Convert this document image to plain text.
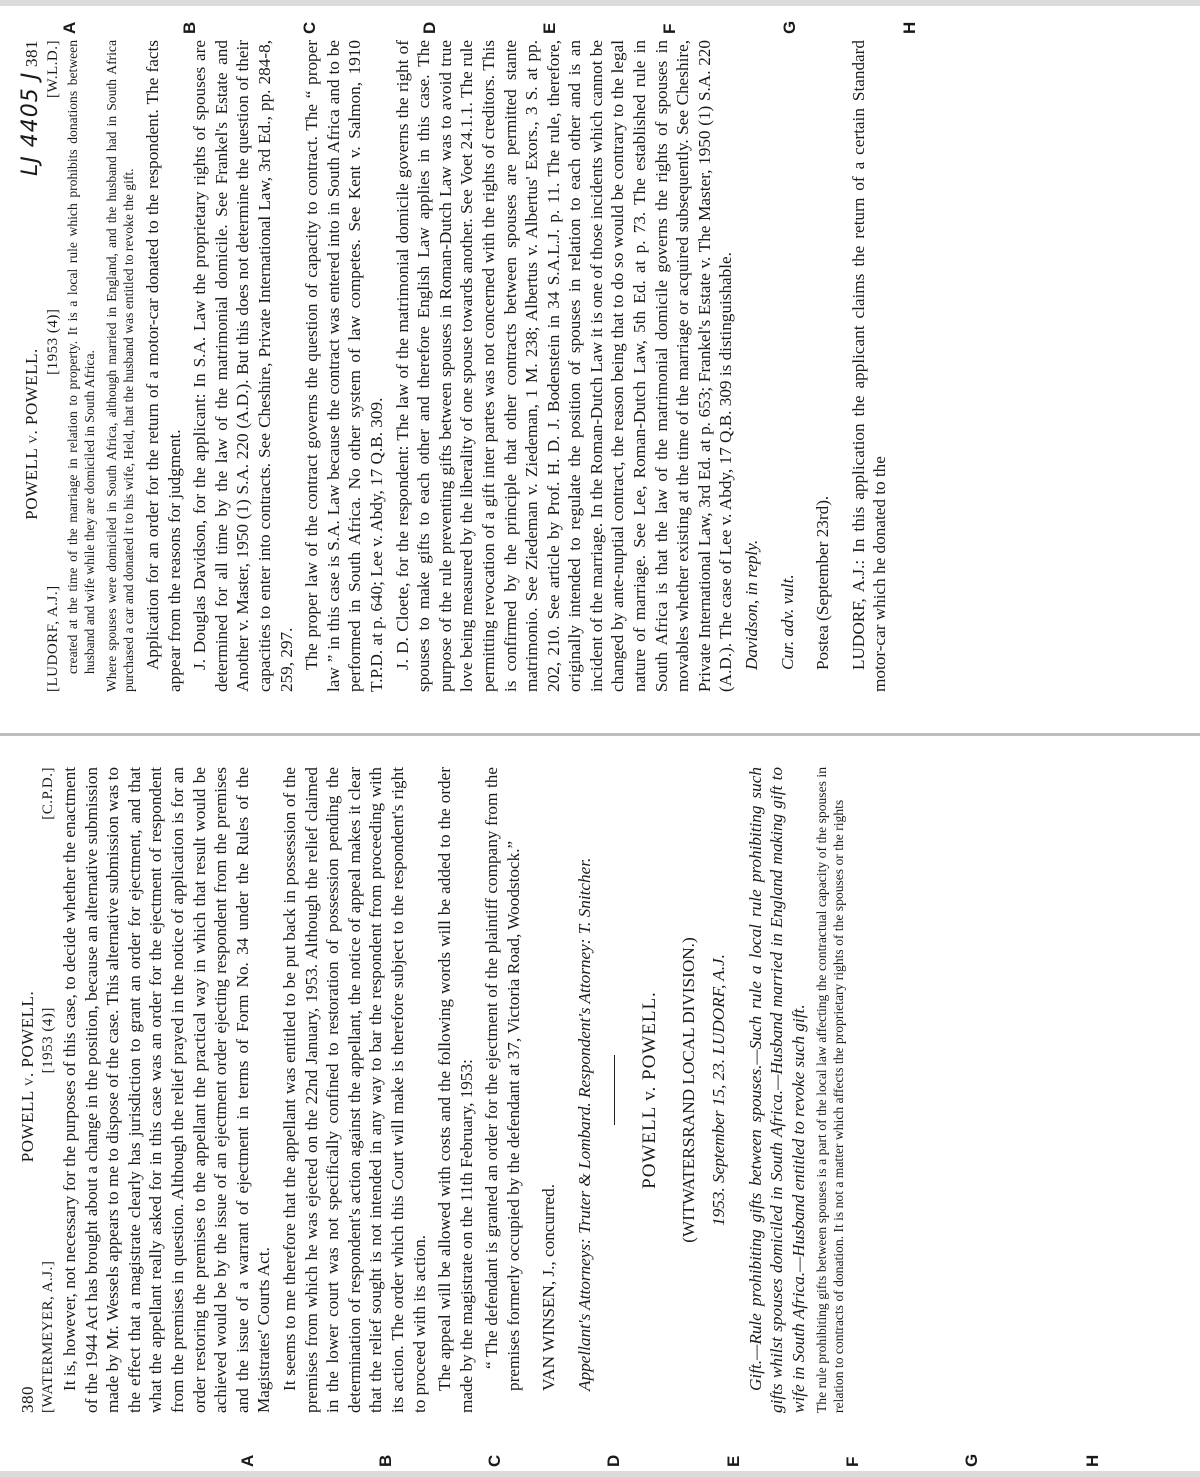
A	B	C	D	E	F	G	H
380
POWELL v. POWELL.
[WATERMEYER, A.J.]
[1953 (4)]
[C.P.D.] It is, however, not necessary for the purposes of this case, to decide whether the enactment of the 1944 Act has brought about a change in the position, because an alternative submission made by Mr. Wessels appears to me to dispose of the case. This alternative submission was to the effect that a magistrate clearly has jurisdiction to grant an order for ejectment, and that what the appellant really asked for in this case was an order for the ejectment of respondent from the premises in question. Although the relief prayed in the notice of application is for an order restoring the premises to the appellant the practical way in which that result would be achieved would be by the issue of an ejectment order ejecting respondent from the premises and the issue of a warrant of ejectment in terms of Form No. 34 under the Rules of the Magistrates' Courts Act. It seems to me therefore that the appellant was entitled to be put back in possession of the premises from which he was ejected on the 22nd January, 1953. Although the relief claimed in the lower court was not specifically confined to restoration of possession pending the determination of respondent's action against the appellant, the notice of appeal makes it clear that the relief sought is not intended in any way to bar the respondent from proceeding with its action. The order which this Court will make is therefore subject to the respondent's right to proceed with its action. The appeal will be allowed with costs and the following words will be added to the order made by the magistrate on the 11th February, 1953: “ The defendant is granted an order for the ejectment of the plaintiff company from the premises formerly occupied by the defendant at 37, Victoria Road, Woodstock.” VAN WINSEN, J., concurred. Appellant's Attorneys: Truter & Lombard. Respondent's Attorney: T. Snitcher. POWELL v. POWELL. (WITWATERSRAND LOCAL DIVISION.) 1953. September 15, 23. LUDORF, A.J. Gift.—Rule prohibiting gifts between spouses.—Such rule a local rule prohibiting such gifts whilst spouses domiciled in South Africa.—Husband married in England making gift to wife in South Africa.—Husband entitled to revoke such gift. The rule prohibiting gifts between spouses is a part of the local law affecting the contractual capacity of the spouses in relation to contracts of donation. It is not a matter which affects the proprietary rights of the spouses or the rights

A	B	C	D	E	F	G	H
POWELL v. POWELL.
LJ 4405 J 381
[LUDORF, A.J.]
[1953 (4)]
[W.L.D.] created at the time of the marriage in relation to property. It is a local rule which prohibits donations between husband and wife while they are domiciled in South Africa. Where spouses were domiciled in South Africa, although married in England, and the husband had in South Africa purchased a car and donated it to his wife, Held, that the husband was entitled to revoke the gift. Application for an order for the return of a motor-car donated to the respondent. The facts appear from the reasons for judgment. J. Douglas Davidson, for the applicant: In S.A. Law the proprietary rights of spouses are determined for all time by the law of the matrimonial domicile. See Frankel's Estate and Another v. Master, 1950 (1) S.A. 220 (A.D.). But this does not determine the question of their capacities to enter into contracts. See Cheshire, Private International Law, 3rd Ed., pp. 284-8, 259, 297. The proper law of the contract governs the question of capacity to contract. The “ proper law ” in this case is S.A. Law because the contract was entered into in South Africa and to be performed in South Africa. No other system of law competes. See Kent v. Salmon, 1910 T.P.D. at p. 640; Lee v. Abdy, 17 Q.B. 309. J. D. Cloete, for the respondent: The law of the matrimonial domicile governs the right of spouses to make gifts to each other and therefore English Law applies in this case. The purpose of the rule preventing gifts between spouses in Roman-Dutch Law was to avoid true love being measured by the liberality of one spouse towards another. See Voet 24.1.1. The rule permitting revocation of a gift inter partes was not concerned with the rights of creditors. This is confirmed by the principle that other contracts between spouses are permitted stante matrimonio. See Ziedeman v. Ziedeman, 1 M. 238; Albertus v. Albertus' Exors., 3 S. at pp. 202, 210. See article by Prof. H. D. J. Bodenstein in 34 S.A.L.J. p. 11. The rule, therefore, originally intended to regulate the position of spouses in relation to each other and is an incident of the marriage. In the Roman-Dutch Law it is one of those incidents which cannot be changed by ante-nuptial contract, the reason being that to do so would be contrary to the legal nature of marriage. See Lee, Roman-Dutch Law, 5th Ed. at p. 73. The established rule in South Africa is that the law of the matrimonial domicile governs the rights of spouses in movables whether existing at the time of the marriage or acquired subsequently. See Cheshire, Private International Law, 3rd Ed. at p. 653; Frankel's Estate v. The Master, 1950 (1) S.A. 220 (A.D.). The case of Lee v. Abdy, 17 Q.B. 309 is distinguishable. Davidson, in reply. Cur. adv. vult. Postea (September 23rd). LUDORF, A.J.: In this application the applicant claims the return of a certain Standard motor-car which he donated to the
